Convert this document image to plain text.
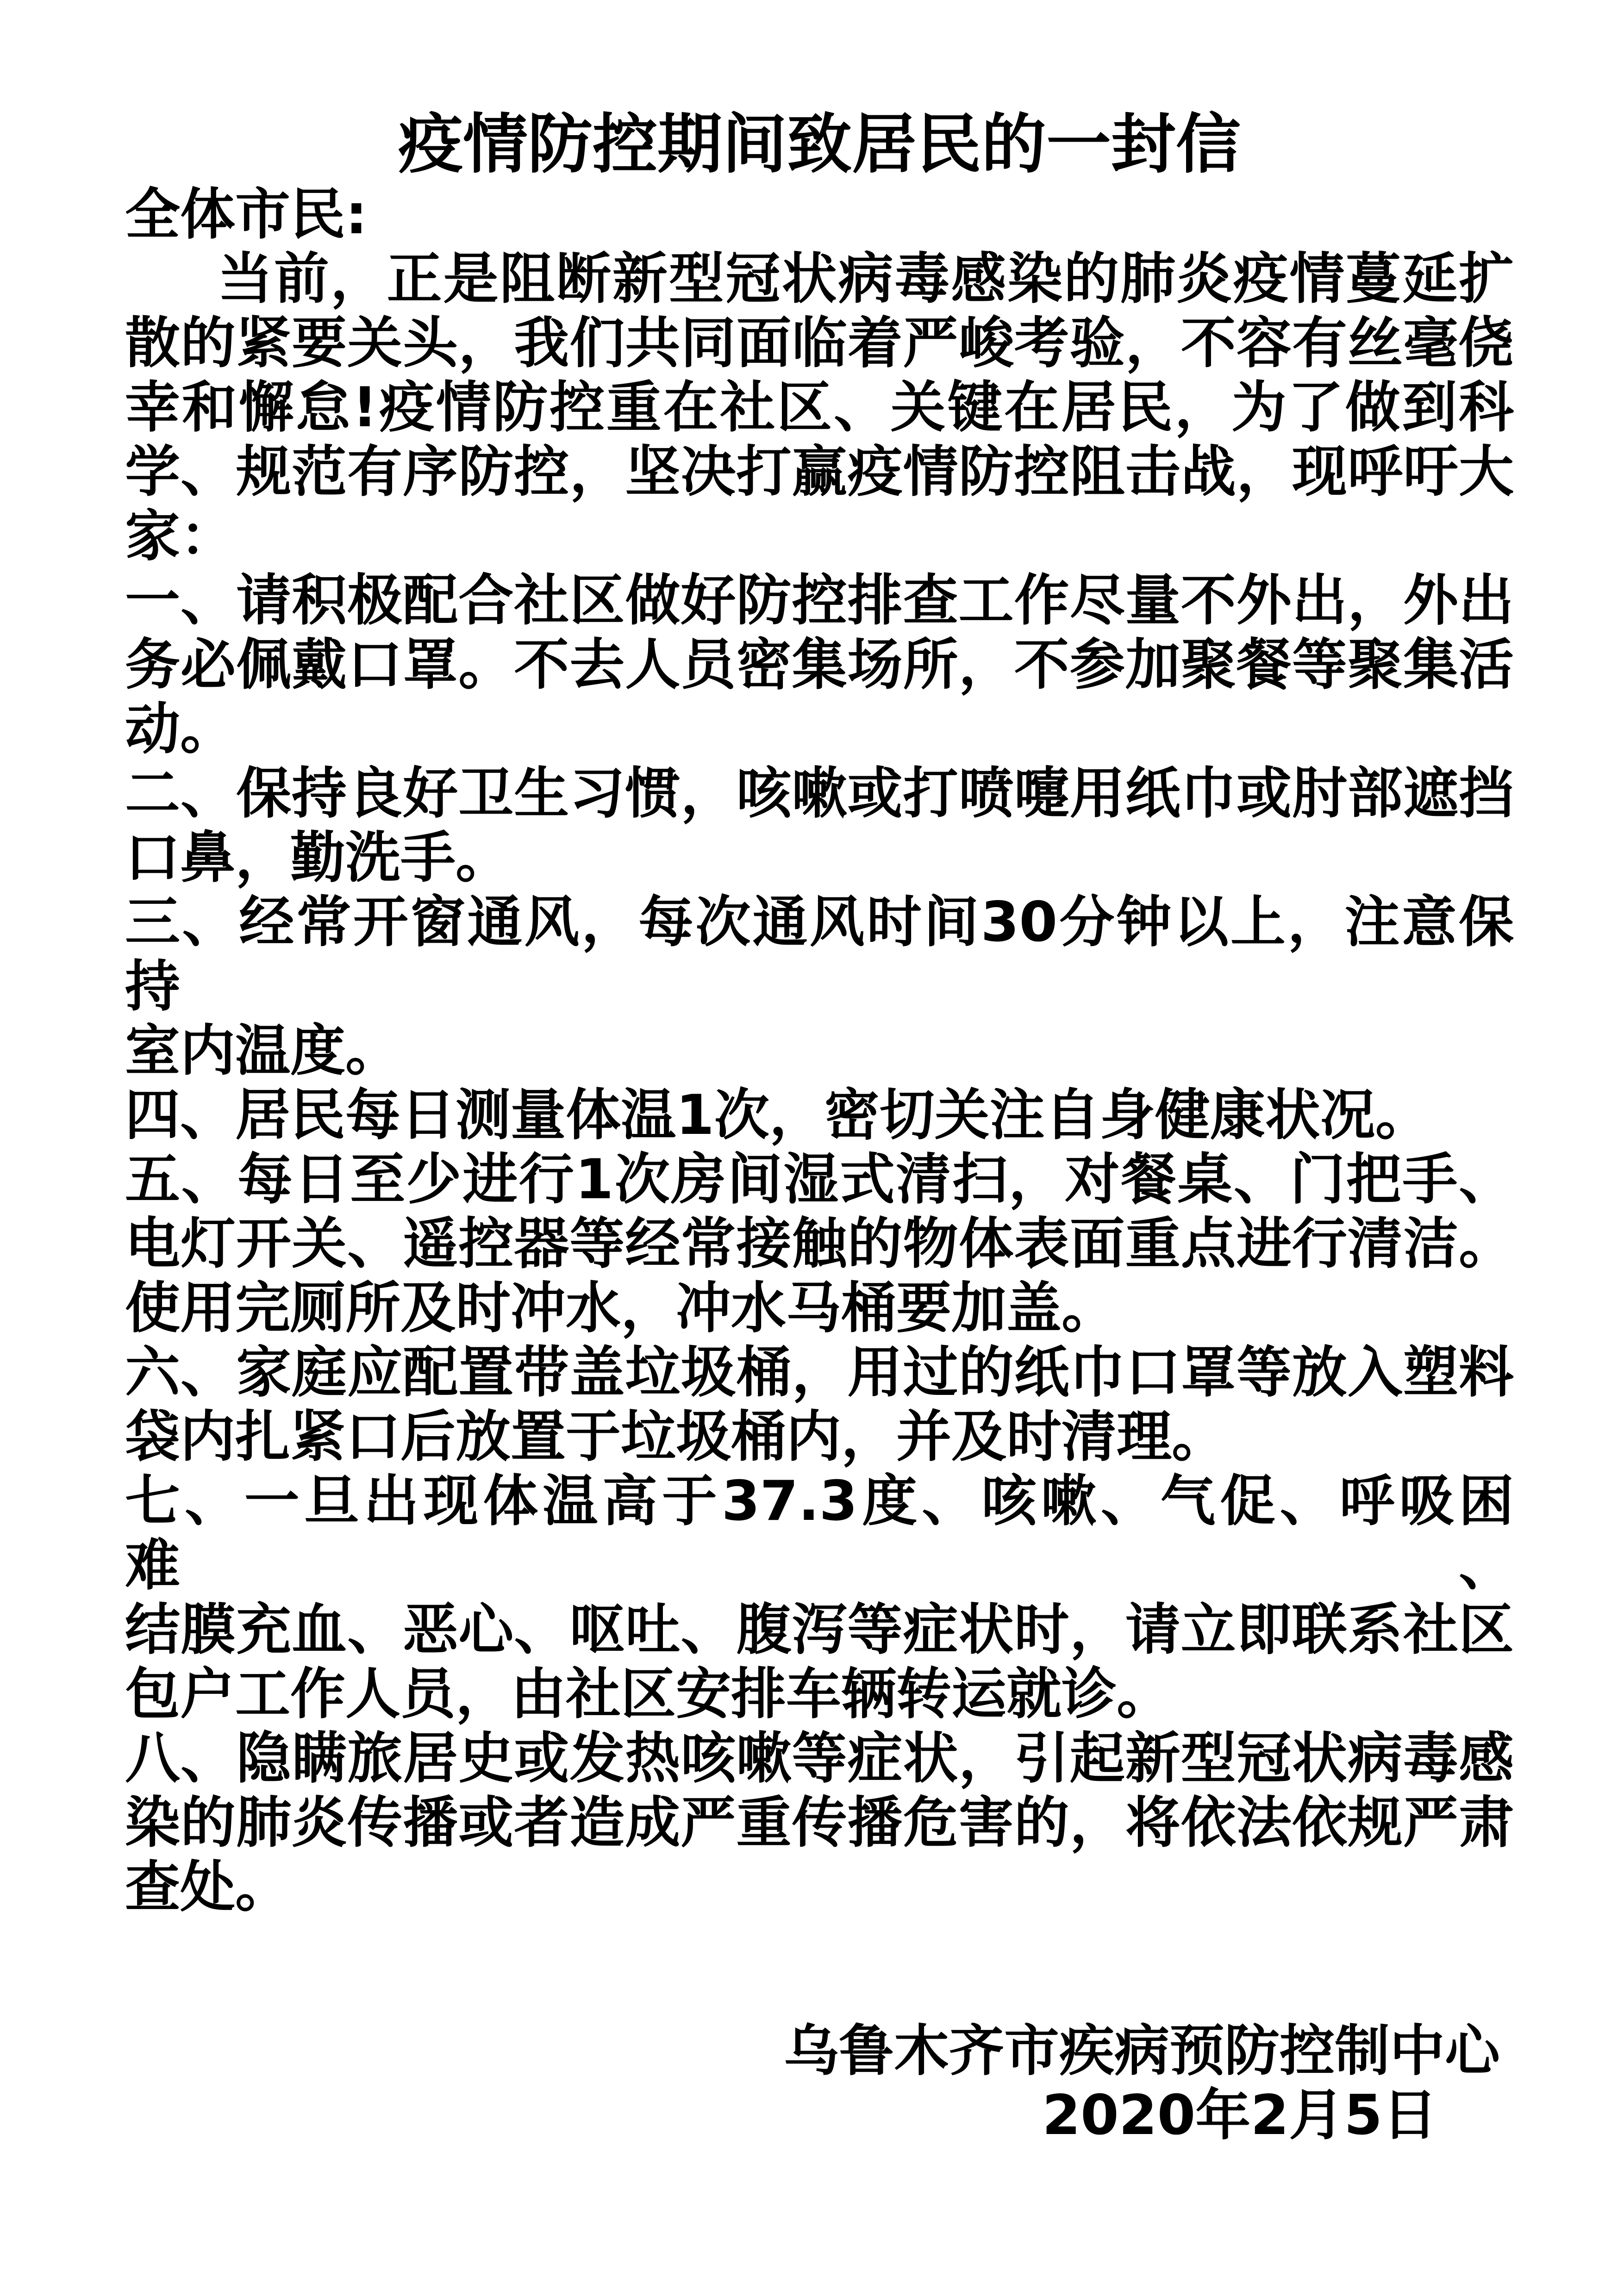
疫情防控期间致居民的一封信
全体市民:
当前，正是阻断新型冠状病毒感染的肺炎疫情蔓延扩
散的紧要关头，我们共同面临着严峻考验，不容有丝毫侥
幸和懈怠!疫情防控重在社区、关键在居民，为了做到科
学、规范有序防控，坚决打赢疫情防控阻击战，现呼吁大
家：
一、请积极配合社区做好防控排查工作尽量不外出，外出
务必佩戴口罩。不去人员密集场所，不参加聚餐等聚集活
动。
二、保持良好卫生习惯，咳嗽或打喷嚏用纸巾或肘部遮挡
口鼻，勤洗手。
三、经常开窗通风，每次通风时间30分钟以上，注意保持
室内温度。
四、居民每日测量体温1次，密切关注自身健康状况。
五、每日至少进行1次房间湿式清扫，对餐桌、门把手、
电灯开关、遥控器等经常接触的物体表面重点进行清洁。
使用完厕所及时冲水，冲水马桶要加盖。
六、家庭应配置带盖垃圾桶，用过的纸巾口罩等放入塑料
袋内扎紧口后放置于垃圾桶内，并及时清理。
七、一旦出现体温高于37.3度、咳嗽、气促、呼吸困难、
结膜充血、恶心、呕吐、腹泻等症状时，请立即联系社区
包户工作人员，由社区安排车辆转运就诊。
八、隐瞒旅居史或发热咳嗽等症状，引起新型冠状病毒感
染的肺炎传播或者造成严重传播危害的，将依法依规严肃
查处。
乌鲁木齐市疾病预防控制中心
2020年2月5日
